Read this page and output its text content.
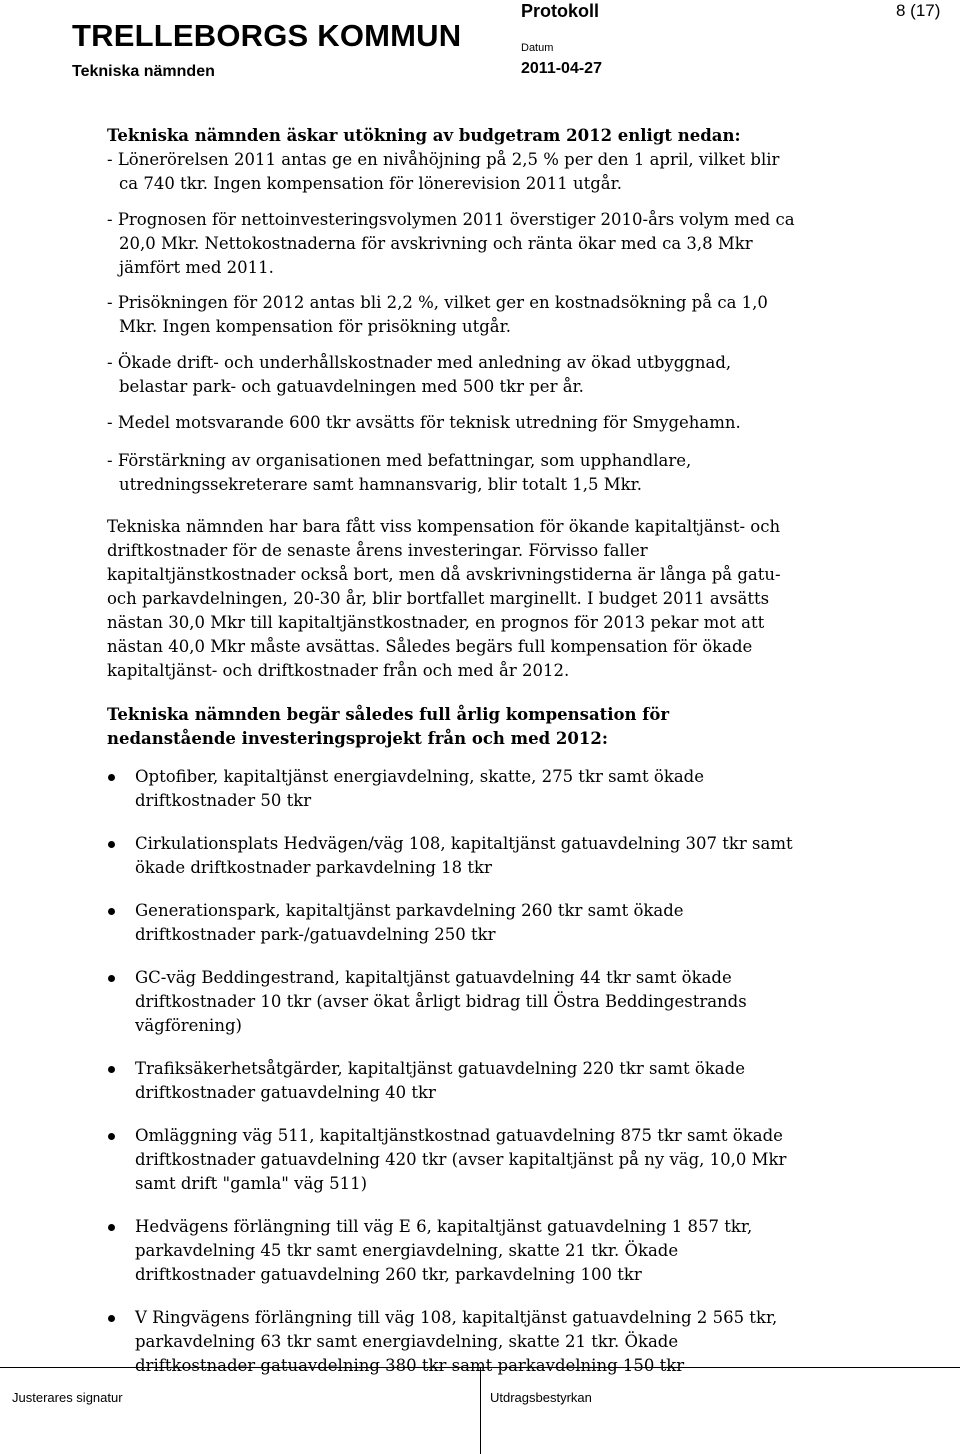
TRELLEBORGS KOMMUN
Tekniska nämnden
Protokoll
Datum
2011-04-27
8 (17)

Tekniska nämnden äskar utökning av budgetram 2012 enligt nedan:

- Lönerörelsen 2011 antas ge en nivåhöjning på 2,5 % per den 1 april, vilket blir ca 740 tkr. Ingen kompensation för lönerevision 2011 utgår.

- Prognosen för nettoinvesteringsvolymen 2011 överstiger 2010-års volym med ca 20,0 Mkr. Nettokostnaderna för avskrivning och ränta ökar med ca 3,8 Mkr jämfört med 2011.

- Prisökningen för 2012 antas bli 2,2 %, vilket ger en kostnadsökning på ca 1,0 Mkr. Ingen kompensation för prisökning utgår.

- Ökade drift- och underhållskostnader med anledning av ökad utbyggnad, belastar park- och gatuavdelningen med 500 tkr per år.

- Medel motsvarande 600 tkr avsätts för teknisk utredning för Smygehamn.

- Förstärkning av organisationen med befattningar, som upphandlare, utredningssekreterare samt hamnansvarig, blir totalt 1,5 Mkr.

Tekniska nämnden har bara fått viss kompensation för ökande kapitaltjänst- och driftkostnader för de senaste årens investeringar. Förvisso faller kapitaltjänstkostnader också bort, men då avskrivningstiderna är långa på gatu- och parkavdelningen, 20-30 år, blir bortfallet marginellt. I budget 2011 avsätts nästan 30,0 Mkr till kapitaltjänstkostnader, en prognos för 2013 pekar mot att nästan 40,0 Mkr måste avsättas. Således begärs full kompensation för ökade kapitaltjänst- och driftkostnader från och med år 2012.

Tekniska nämnden begär således full årlig kompensation för nedanstående investeringsprojekt från och med 2012:

Optofiber, kapitaltjänst energiavdelning, skatte, 275 tkr samt ökade driftkostnader 50 tkr
Cirkulationsplats Hedvägen/väg 108, kapitaltjänst gatuavdelning 307 tkr samt ökade driftkostnader parkavdelning 18 tkr
Generationspark, kapitaltjänst parkavdelning 260 tkr samt ökade driftkostnader park-/gatuavdelning 250 tkr
GC-väg Beddingestrand, kapitaltjänst gatuavdelning 44 tkr samt ökade driftkostnader 10 tkr (avser ökat årligt bidrag till Östra Beddingestrands vägförening)
Trafiksäkerhetsåtgärder, kapitaltjänst gatuavdelning 220 tkr samt ökade driftkostnader gatuavdelning 40 tkr
Omläggning väg 511, kapitaltjänstkostnad gatuavdelning 875 tkr samt ökade driftkostnader gatuavdelning 420 tkr (avser kapitaltjänst på ny väg, 10,0 Mkr samt drift "gamla" väg 511)
Hedvägens förlängning till väg E 6, kapitaltjänst gatuavdelning 1 857 tkr, parkavdelning 45 tkr samt energiavdelning, skatte 21 tkr. Ökade driftkostnader gatuavdelning 260 tkr, parkavdelning 100 tkr
V Ringvägens förlängning till väg 108, kapitaltjänst gatuavdelning 2 565 tkr, parkavdelning 63 tkr samt energiavdelning, skatte 21 tkr. Ökade driftkostnader gatuavdelning 380 tkr samt parkavdelning 150 tkr
Justerares signatur	Utdragsbestyrkan
